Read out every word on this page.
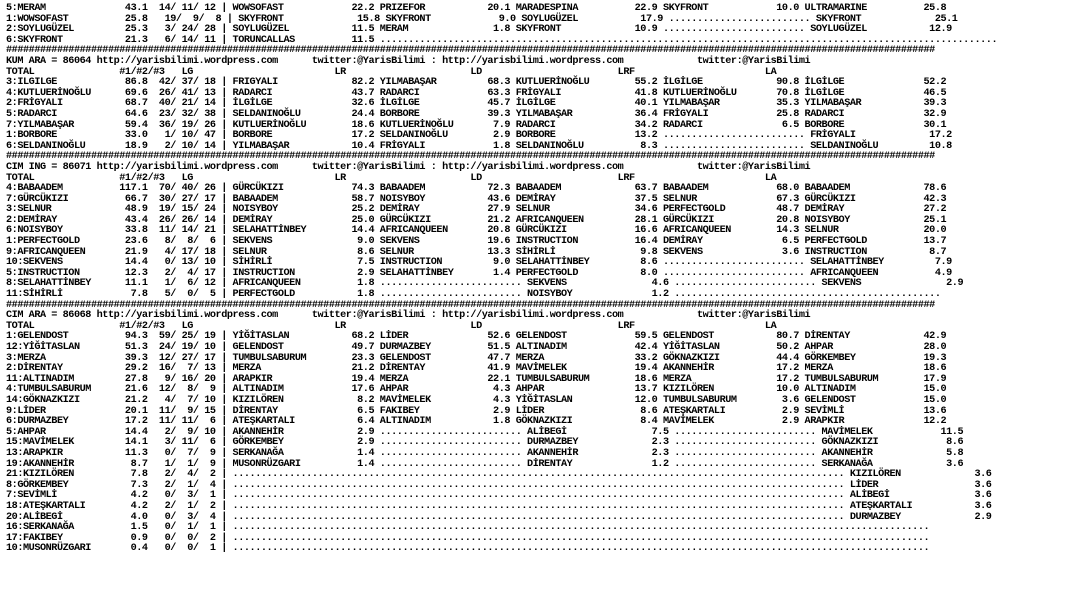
5:MERAM              43.1  14/ 11/ 12 | WOWSOFAST            22.2 PRIZEFOR           20.1 MARADESPINA          22.9 SKYFRONT            10.0 ULTRAMARINE          25.8
1:WOWSOFAST          25.8   19/  9/  8 | SKYFRONT             15.8 SKYFRONT            9.0 SOYLUGÜZEL           17.9 ......................... SKYFRONT             25.1
2:SOYLUGÜZEL         25.3   3/ 24/ 28 | SOYLUGÜZEL           11.5 MERAM               1.8 SKYFRONT             10.9 ......................... SOYLUGÜZEL           12.9
6:SKYFRONT           21.3   6/ 14/ 11 | TORUNCALLAS          11.5 .............................................................................................................
####################################################################################################################################################################
KUM ARA = 86064 http://yarisbilimi.wordpress.com      twitter:@YarisBilimi : http://yarisbilimi.wordpress.com             twitter:@YarisBilimi
TOTAL               #1/#2/#3   LG                         LR                      LD                        LRF                       LA
3:ILGILGE            86.8  42/ 37/ 18 | FRIGYALI             82.2 YILMABAŞAR         68.3 KUTLUERİNOĞLU        55.2 İLGİLGE             90.8 İLGİLGE              52.2
4:KUTLUERİNOĞLU      69.6  26/ 41/ 13 | RADARCI              43.7 RADARCI            63.3 FRİGYALI             41.8 KUTLUERİNOĞLU       70.8 İLGİLGE              46.5
2:FRİGYALI           68.7  40/ 21/ 14 | İLGİLGE              32.6 İLGİLGE            45.7 İLGİLGE              40.1 YILMABAŞAR          35.3 YILMABAŞAR           39.3
5:RADARCI            64.6  23/ 32/ 38 | SELDANINOĞLU         24.4 BORBORE            39.3 YILMABAŞAR           36.4 FRİGYALI            25.8 RADARCI              32.9
7:YILMABAŞAR         59.4  36/ 19/ 26 | KUTLUERİNOĞLU        18.6 KUTLUERİNOĞLU       7.9 RADARCI              34.2 RADARCI              6.5 BORBORE              30.1
1:BORBORE            33.0   1/ 10/ 47 | BORBORE              17.2 SELDANINOĞLU        2.9 BORBORE              13.2 ......................... FRİGYALI             17.2
6:SELDANINOĞLU       18.9   2/ 10/ 14 | YILMABAŞAR           10.4 FRİGYALI            1.8 SELDANINOĞLU          8.3 ......................... SELDANINOĞLU         10.8
####################################################################################################################################################################
CIM ING = 86071 http://yarisbilimi.wordpress.com      twitter:@YarisBilimi : http://yarisbilimi.wordpress.com             twitter:@YarisBilimi
TOTAL               #1/#2/#3   LG                         LR                      LD                        LRF                       LA
4:BABAADEM          117.1  70/ 40/ 26 | GÜRCÜKIZI            74.3 BABAADEM           72.3 BABAADEM             63.7 BABAADEM            68.0 BABAADEM             78.6
7:GÜRCÜKIZI          66.7  30/ 27/ 17 | BABAADEM             58.7 NOISYBOY           43.6 DEMİRAY              37.5 SELNUR              67.3 GÜRCÜKIZI            42.3
3:SELNUR             48.9  19/ 15/ 24 | NOISYBOY             25.2 DEMİRAY            27.9 SELNUR               34.6 PERFECTGOLD         48.7 DEMİRAY              27.2
2:DEMİRAY            43.4  26/ 26/ 14 | DEMİRAY              25.0 GÜRCÜKIZI          21.2 AFRICANQUEEN         28.1 GÜRCÜKIZI           20.8 NOISYBOY             25.1
6:NOISYBOY           33.8  11/ 14/ 21 | SELAHATTİNBEY        14.4 AFRICANQUEEN       20.8 GÜRCÜKIZI            16.6 AFRICANQUEEN        14.3 SELNUR               20.0
1:PERFECTGOLD        23.6   8/  8/  6 | SEKVENS               9.0 SEKVENS            19.6 INSTRUCTION          16.4 DEMİRAY              6.5 PERFECTGOLD          13.7
9:AFRICANQUEEN       21.9   4/ 17/ 18 | SELNUR                8.6 SELNUR             13.3 SİHİRLİ               9.8 SEKVENS              3.6 INSTRUCTION           8.7
10:SEKVENS           14.4   0/ 13/ 10 | SİHİRLİ               7.5 INSTRUCTION         9.0 SELAHATTİNBEY         8.6 ......................... SELAHATTİNBEY         7.9
5:INSTRUCTION        12.3   2/  4/ 17 | INSTRUCTION           2.9 SELAHATTİNBEY       1.4 PERFECTGOLD           8.0 ......................... AFRICANQUEEN          4.9
8:SELAHATTİNBEY      11.1   1/  6/ 12 | AFRICANQUEEN          1.8 ......................... SEKVENS               4.6 ......................... SEKVENS               2.9
11:SİHİRLİ            7.8   5/  0/  5 | PERFECTGOLD           1.8 ......................... NOISYBOY              1.2 ...............................................
####################################################################################################################################################################
CIM ARA = 86068 http://yarisbilimi.wordpress.com      twitter:@YarisBilimi : http://yarisbilimi.wordpress.com             twitter:@YarisBilimi
TOTAL               #1/#2/#3   LG                         LR                      LD                        LRF                       LA
1:GELENDOST          94.3  59/ 25/ 19 | YİĞİTASLAN           68.2 LİDER              52.6 GELENDOST            59.5 GELENDOST           80.7 DİRENTAY             42.9
12:YİĞİTASLAN        51.3  24/ 19/ 10 | GELENDOST            49.7 DURMAZBEY          51.5 ALTINADIM            42.4 YİĞİTASLAN          50.2 AHPAR                28.0
3:MERZA              39.3  12/ 27/ 17 | TUMBULSABURUM        23.3 GELENDOST          47.7 MERZA                33.2 GÖKNAZKIZI          44.4 GÖRKEMBEY            19.3
2:DİRENTAY           29.2  16/  7/ 13 | MERZA                21.2 DİRENTAY           41.9 MAVİMELEK            19.4 AKANNEHİR           17.2 MERZA                18.6
11:ALTINADIM         27.8   9/ 16/ 20 | ARAPKIR              19.4 MERZA              22.1 TUMBULSABURUM        18.6 MERZA               17.2 TUMBULSABURUM        17.9
4:TUMBULSABURUM      21.6  12/  8/  9 | ALTINADIM            17.6 AHPAR               4.3 AHPAR                13.7 KIZILÖREN           10.0 ALTINADIM            15.0
14:GÖKNAZKIZI        21.2   4/  7/ 10 | KIZILÖREN             8.2 MAVİMELEK           4.3 YİĞİTASLAN           12.0 TUMBULSABURUM        3.6 GELENDOST            15.0
9:LİDER              20.1  11/  9/ 15 | DİRENTAY              6.5 FAKIBEY             2.9 LİDER                 8.6 ATEŞKARTALI          2.9 SEVİMLİ              13.6
6:DURMAZBEY          17.2  11/ 11/  6 | ATEŞKARTALI           6.4 ALTINADIM           1.8 GÖKNAZKIZI            8.4 MAVİMELEK            2.9 ARAPKIR              12.2
5:AHPAR              14.4   2/  9/ 10 | AKANNEHİR             2.9 ......................... ALİBEGİ               7.5 ......................... MAVİMELEK            11.5
15:MAVİMELEK         14.1   3/ 11/  6 | GÖRKEMBEY             2.9 ......................... DURMAZBEY             2.3 ......................... GÖKNAZKIZI            8.6
13:ARAPKIR           11.3   0/  7/  9 | SERKANAĞA             1.4 ......................... AKANNEHİR             2.3 ......................... AKANNEHİR             5.8
19:AKANNEHİR          8.7   1/  1/  9 | MUSONRÜZGARI          1.4 ......................... DİRENTAY              1.2 ......................... SERKANAĞA             3.6
21:KIZILÖREN          7.8   2/  4/  2 | ............................................................................................................ KIZILÖREN             3.6
8:GÖRKEMBEY           7.3   2/  1/  4 | ............................................................................................................ LİDER                 3.6
7:SEVİMLİ             4.2   0/  3/  1 | ............................................................................................................ ALİBEGİ               3.6
18:ATEŞKARTALI        4.2   2/  1/  2 | ............................................................................................................ ATEŞKARTALI           3.6
20:ALİBEGİ            4.0   0/  3/  4 | ............................................................................................................ DURMAZBEY             2.9
16:SERKANAĞA          1.5   0/  1/  1 | ...........................................................................................................................
17:FAKIBEY            0.9   0/  0/  2 | ...........................................................................................................................
10:MUSONRÜZGARI       0.4   0/  0/  1 | ...........................................................................................................................
